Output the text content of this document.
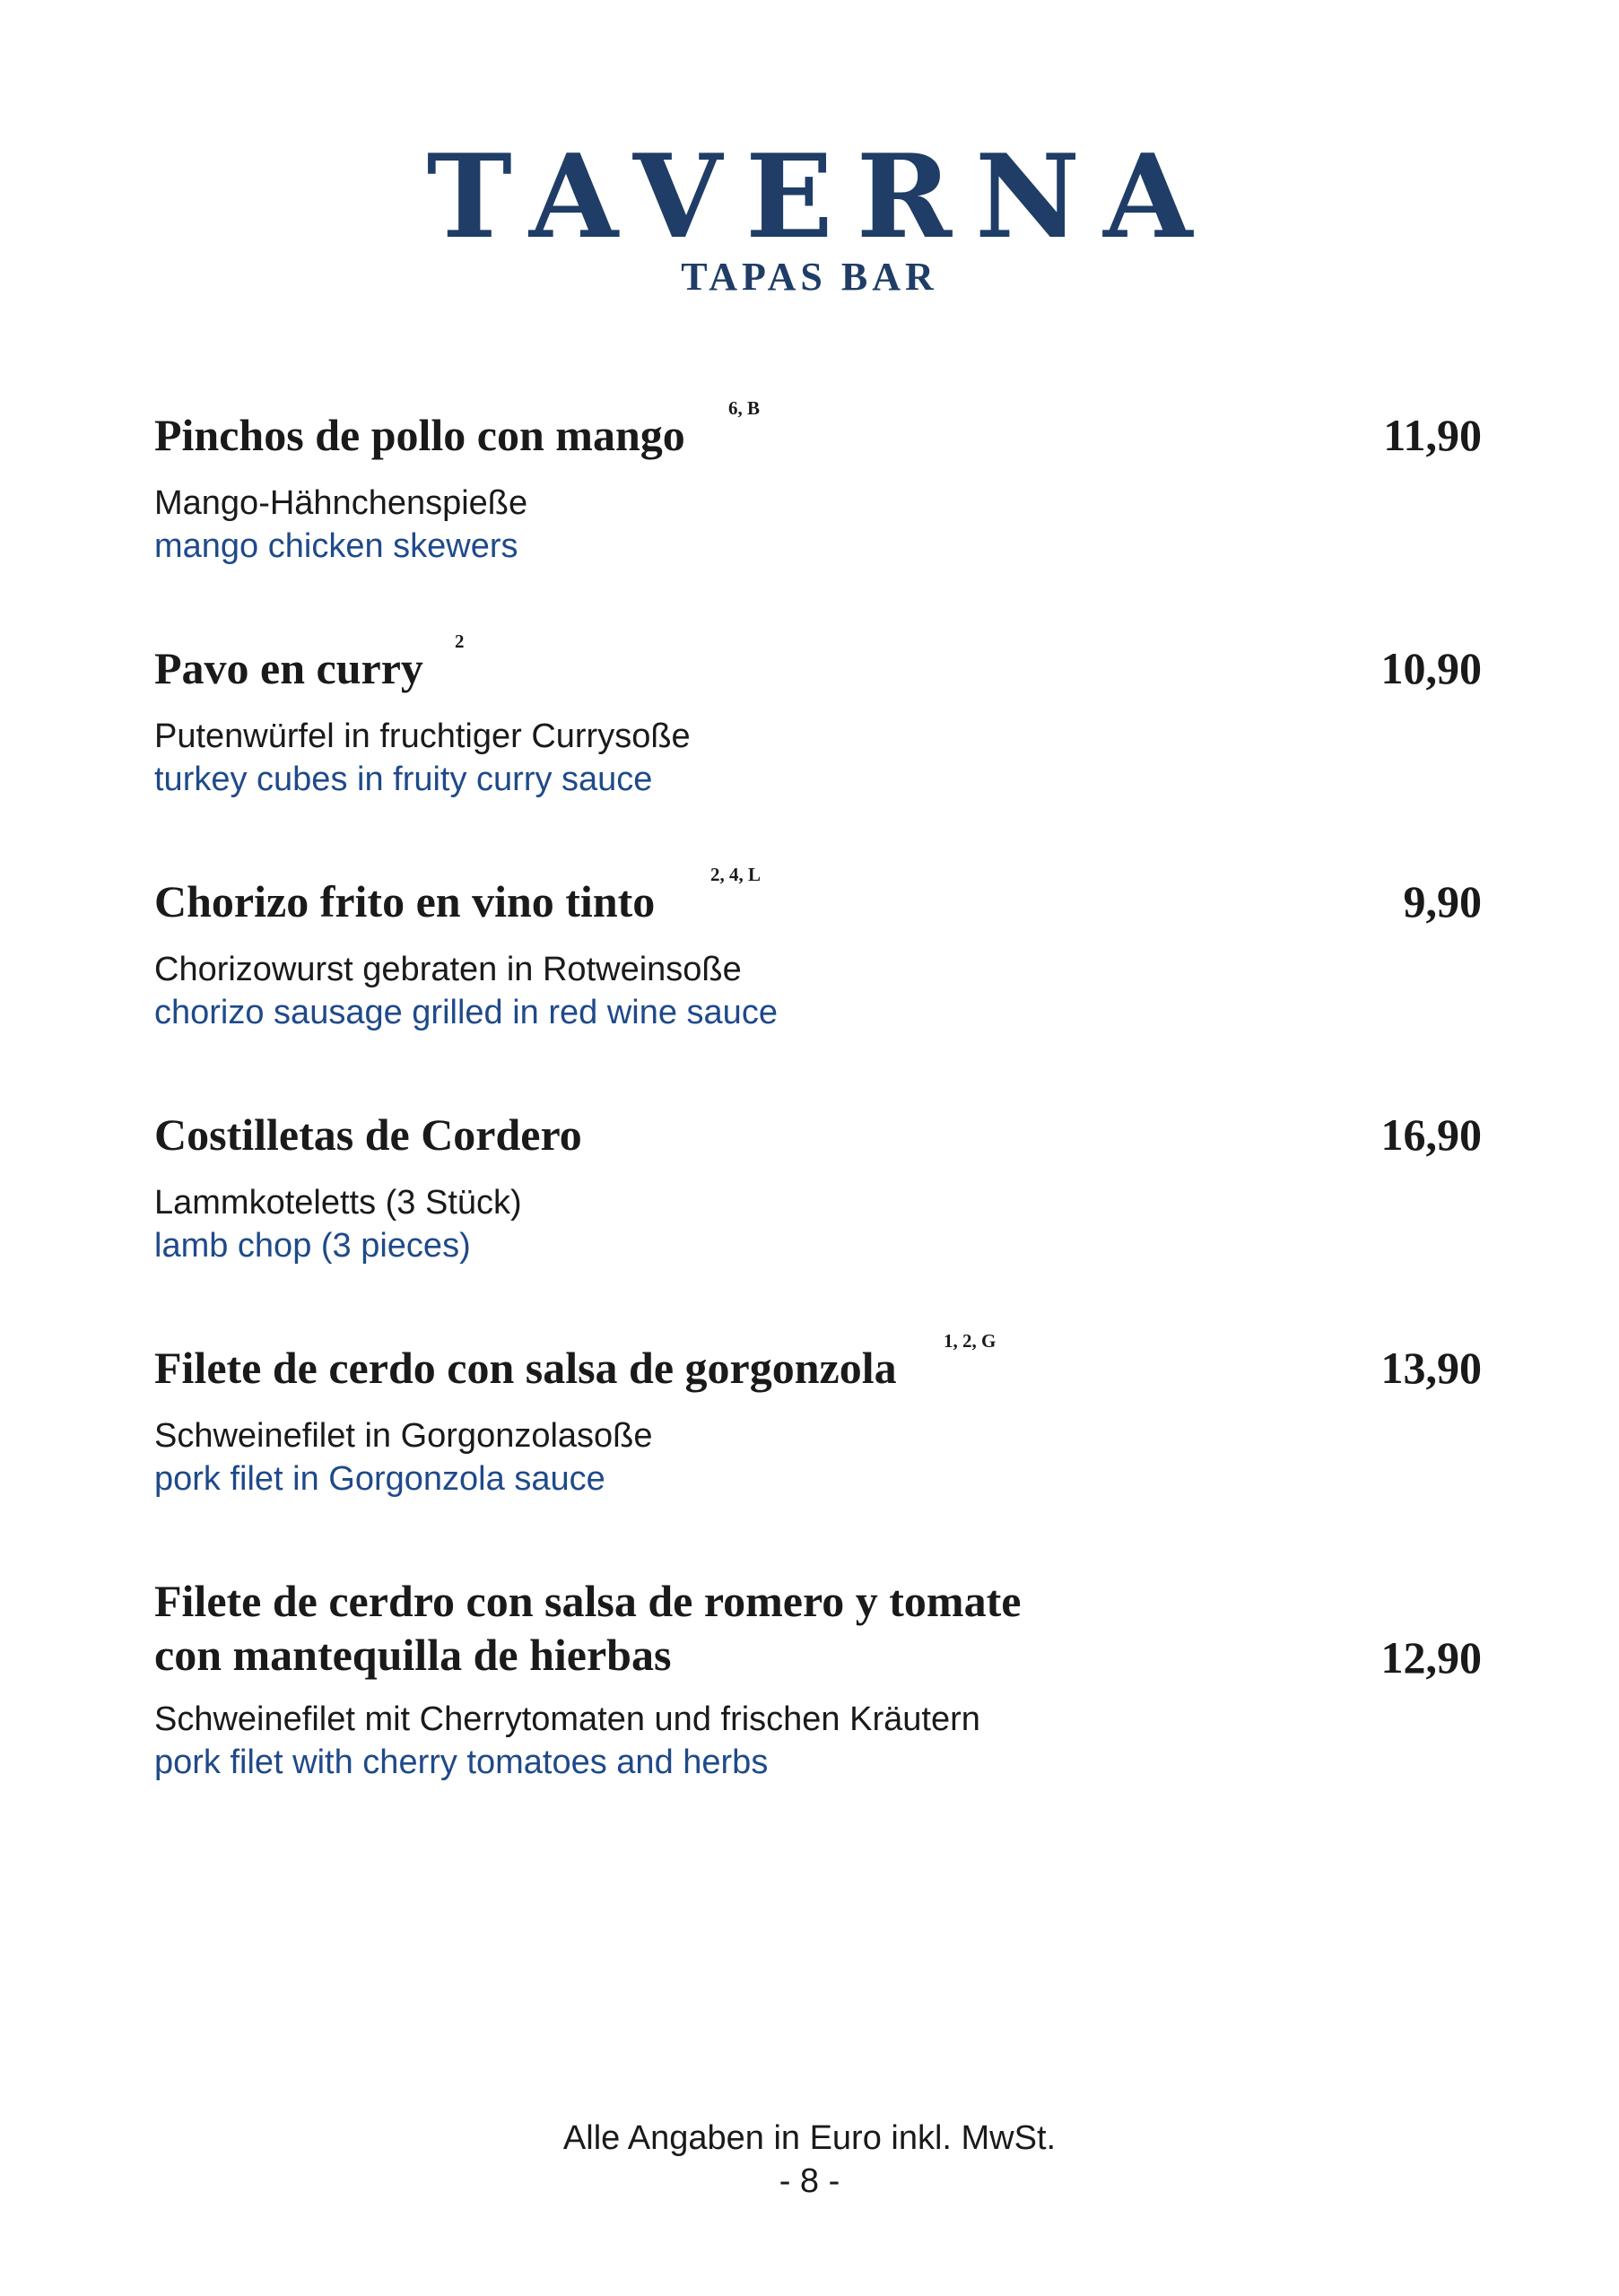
TAVERNA
TAPAS BAR
Pinchos de pollo con mango
6, B
11,90
Mango-Hähnchenspieße
mango chicken skewers
Pavo en curry
2
10,90
Putenwürfel in fruchtiger Currysoße
turkey cubes in fruity curry sauce
Chorizo frito en vino tinto
2, 4, L
9,90
Chorizowurst gebraten in Rotweinsoße
chorizo sausage grilled in red wine sauce
Costilletas de Cordero	16,90
Lammkoteletts (3 Stück)
lamb chop (3 pieces)
Filete de cerdo con salsa de gorgonzola
1, 2, G
13,90
Schweinefilet in Gorgonzolasoße
pork filet in Gorgonzola sauce
Filete de cerdro con salsa de romero y tomate con mantequilla de hierbas	12,90
Schweinefilet mit Cherrytomaten und frischen Kräutern
pork filet with cherry tomatoes and herbs
Alle Angaben in Euro inkl. MwSt.
- 8 -
